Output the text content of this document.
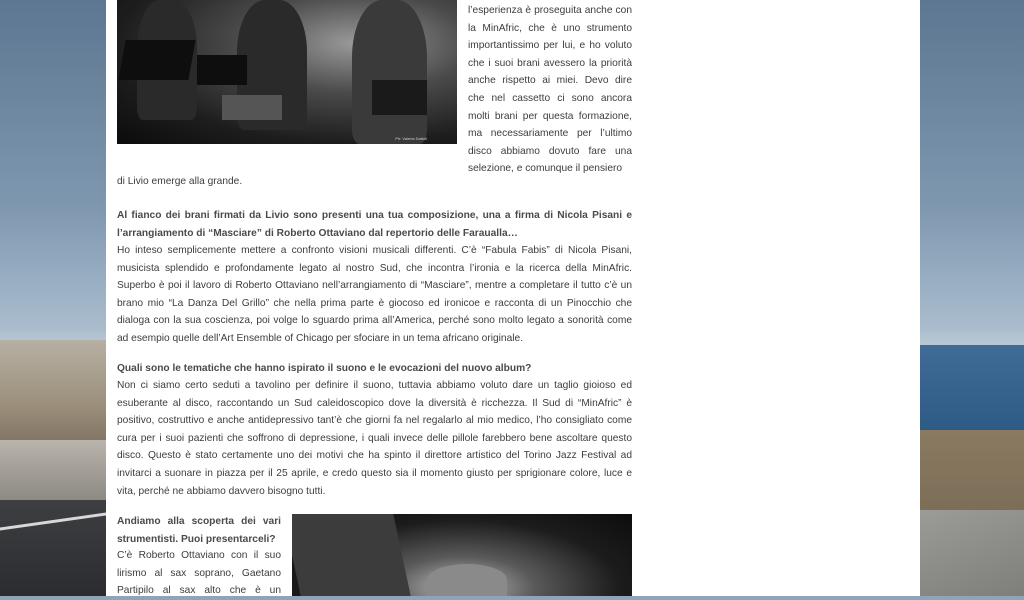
Ph: Valeria Dattoli
l’esperienza è proseguita anche con
la MinAfric, che è uno strumento
importantissimo per lui, e ho voluto
che i suoi brani avessero la priorità
anche rispetto ai miei. Devo dire
che nel cassetto ci sono ancora
molti brani per questa formazione,
ma necessariamente per l’ultimo
disco abbiamo dovuto fare una
selezione, e comunque il pensiero
di Livio emerge alla grande.
Al fianco dei brani firmati da Livio sono presenti una tua composizione, una a firma di Nicola Pisani e
l’arrangiamento di “Masciare” di Roberto Ottaviano dal repertorio delle Faraualla…
Ho inteso semplicemente mettere a confronto visioni musicali differenti. C’è “Fabula Fabis” di Nicola Pisani,
musicista splendido e profondamente legato al nostro Sud, che incontra l’ironia e la ricerca della MinAfric.
Superbo è poi il lavoro di Roberto Ottaviano nell’arrangiamento di “Masciare”, mentre a completare il tutto c’è un
brano mio “La Danza Del Grillo” che nella prima parte è giocoso ed ironicoe e racconta di un Pinocchio che
dialoga con la sua coscienza, poi volge lo sguardo prima all’America, perché sono molto legato a sonorità come
ad esempio quelle dell’Art Ensemble of Chicago per sfociare in un tema africano originale.
Quali sono le tematiche che hanno ispirato il suono e le evocazioni del nuovo album?
Non ci siamo certo seduti a tavolino per definire il suono, tuttavia abbiamo voluto dare un taglio gioioso ed
esuberante al disco, raccontando un Sud caleidoscopico dove la diversità è ricchezza. Il Sud di “MinAfric” è
positivo, costruttivo e anche antidepressivo tant’è che giorni fa nel regalarlo al mio medico, l’ho consigliato come
cura per i suoi pazienti che soffrono di depressione, i quali invece delle pillole farebbero bene ascoltare questo
disco. Questo è stato certamente uno dei motivi che ha spinto il direttore artistico del Torino Jazz Festival ad
invitarci a suonare in piazza per il 25 aprile, e credo questo sia il momento giusto per sprigionare colore, luce e
vita, perché ne abbiamo davvero bisogno tutti.
Andiamo alla scoperta dei vari
strumentisti. Puoi presentarceli?
C’è Roberto Ottaviano con il suo
lirismo al sax soprano, Gaetano
Partipilo al sax alto che è un
